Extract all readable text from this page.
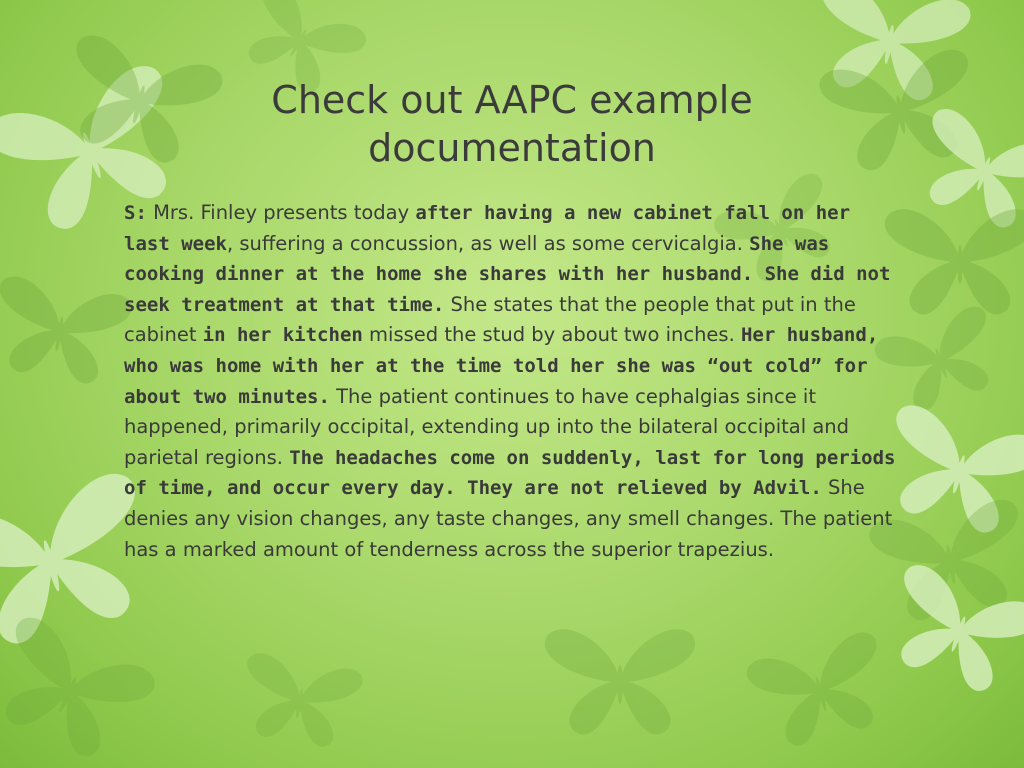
Check out AAPC example
documentation

S: Mrs. Finley presents today after having a new cabinet fall on her last week, suffering a concussion, as well as some cervicalgia. She was cooking dinner at the home she shares with her husband. She did not seek treatment at that time. She states that the people that put in the cabinet in her kitchen missed the stud by about two inches. Her husband, who was home with her at the time told her she was “out cold” for about two minutes. The patient continues to have cephalgias since it happened, primarily occipital, extending up into the bilateral occipital and parietal regions. The headaches come on suddenly, last for long periods of time, and occur every day. They are not relieved by Advil. She denies any vision changes, any taste changes, any smell changes. The patient has a marked amount of tenderness across the superior trapezius.
